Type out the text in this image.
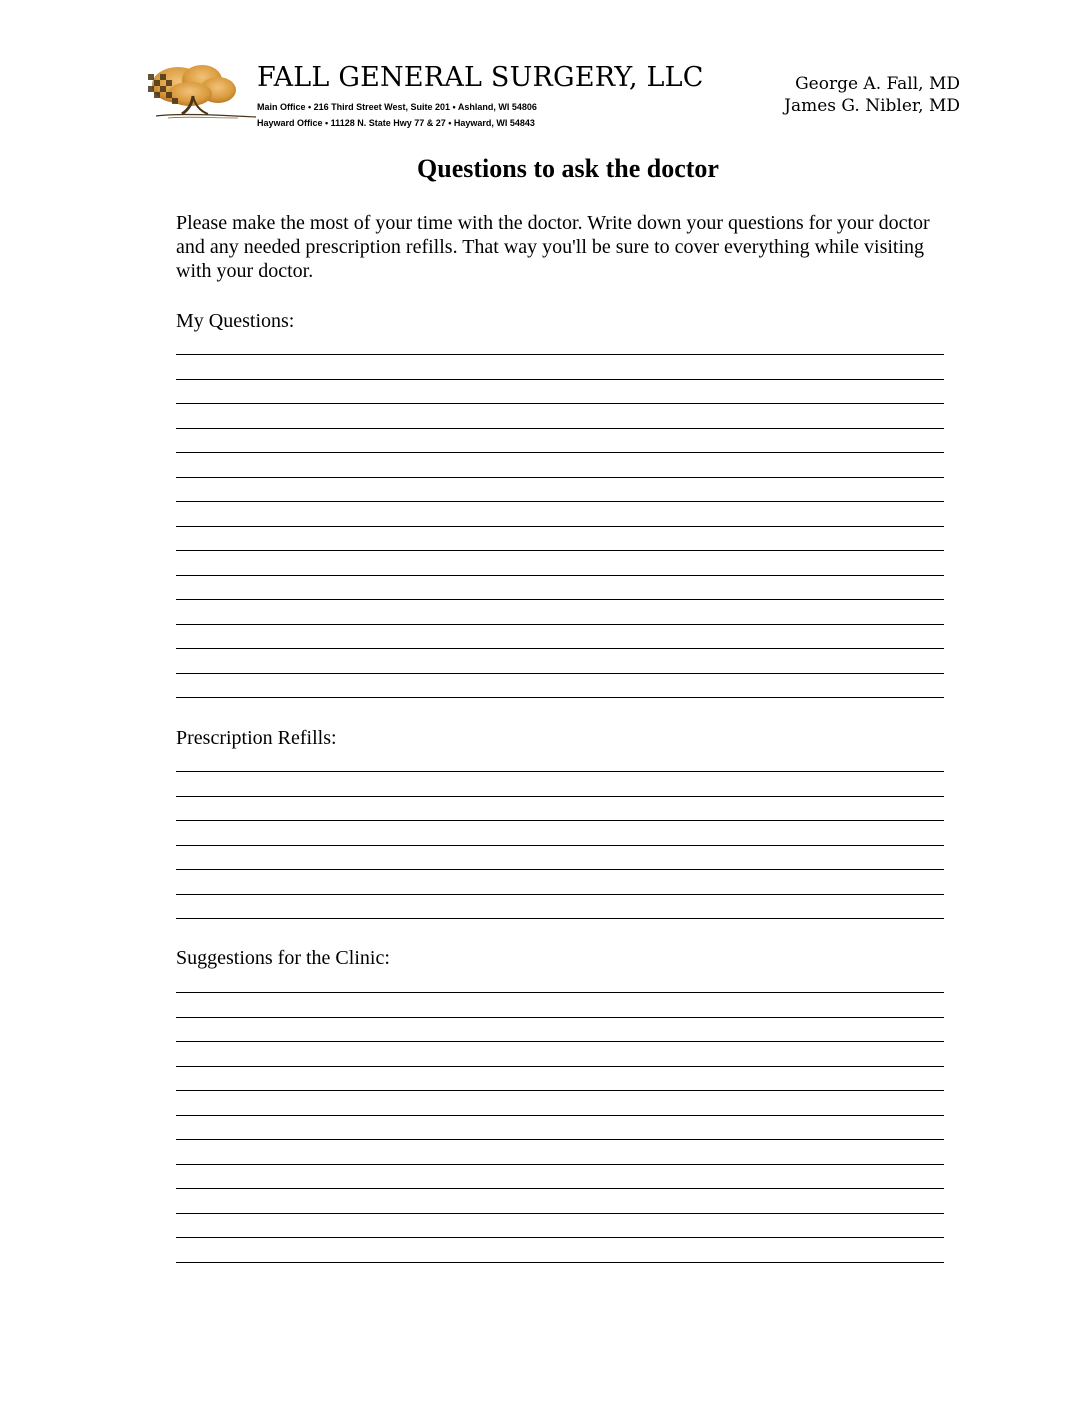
FALL GENERAL SURGERY, LLC
Main Office • 216 Third Street West, Suite 201 • Ashland, WI 54806
Hayward Office • 11128 N. State Hwy 77 & 27 • Hayward, WI 54843
George A. Fall, MD
James G. Nibler, MD
Questions to ask the doctor
Please make the most of your time with the doctor. Write down your questions for your doctor and any needed prescription refills. That way you'll be sure to cover everything while visiting with your doctor.
My Questions:
Prescription Refills:
Suggestions for the Clinic:
